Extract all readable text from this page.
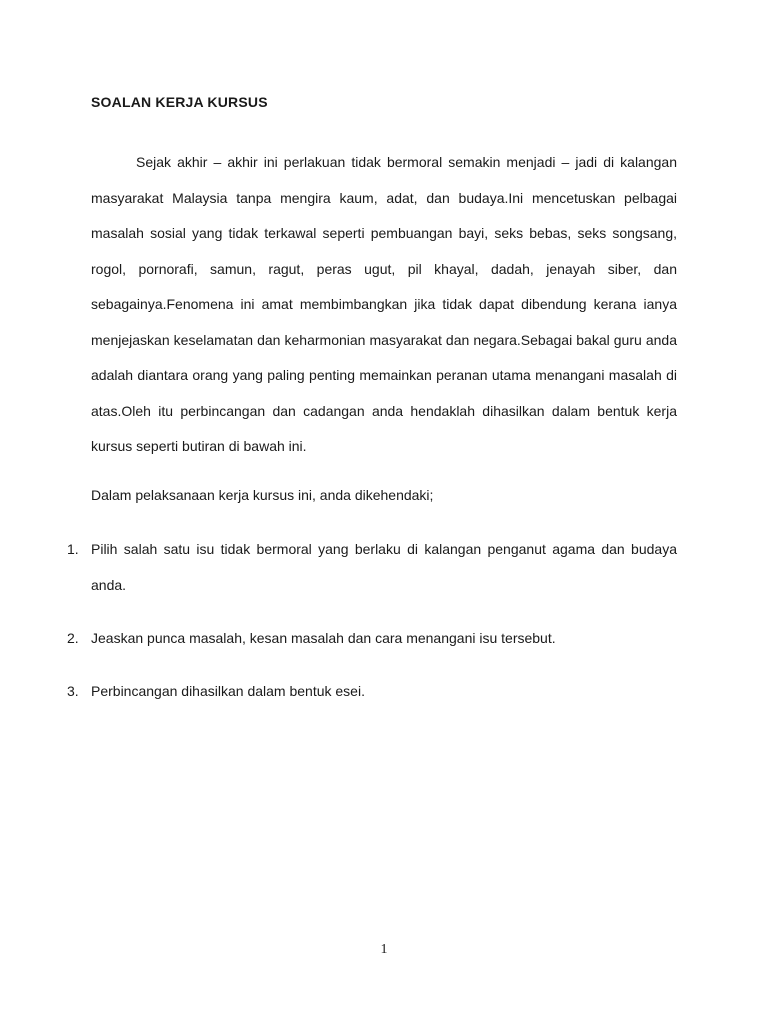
SOALAN KERJA KURSUS

Sejak akhir – akhir ini perlakuan tidak bermoral semakin menjadi – jadi di kalangan masyarakat Malaysia tanpa mengira kaum, adat, dan budaya.Ini mencetuskan pelbagai masalah sosial yang tidak terkawal seperti pembuangan bayi, seks bebas, seks songsang, rogol, pornorafi, samun, ragut, peras ugut, pil khayal, dadah, jenayah siber, dan sebagainya.Fenomena ini amat membimbangkan jika tidak dapat dibendung kerana ianya menjejaskan keselamatan dan keharmonian masyarakat dan negara.Sebagai bakal guru anda adalah diantara orang yang paling penting memainkan peranan utama menangani masalah di atas.Oleh itu perbincangan dan cadangan anda hendaklah dihasilkan dalam bentuk kerja kursus seperti butiran di bawah ini.

Dalam pelaksanaan kerja kursus ini, anda dikehendaki;

1. Pilih salah satu isu tidak bermoral yang berlaku di kalangan penganut agama dan budaya anda.

2. Jeaskan punca masalah, kesan masalah dan cara menangani isu tersebut.

3. Perbincangan dihasilkan dalam bentuk esei.

1
